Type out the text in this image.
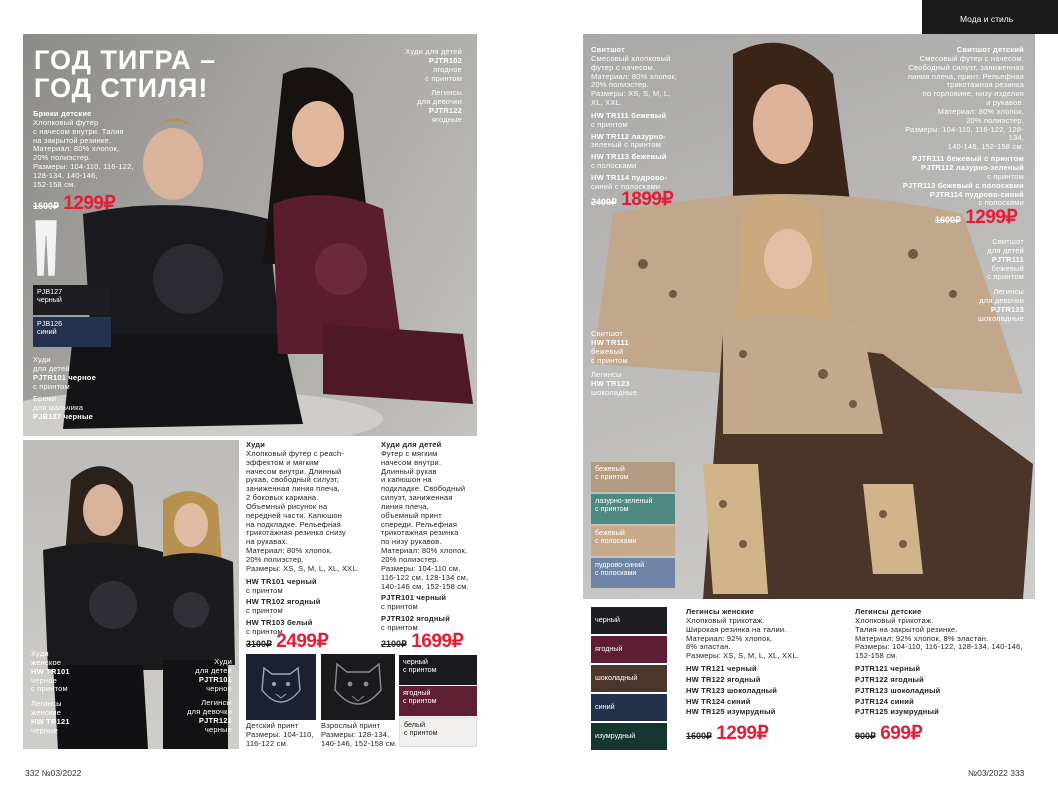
ГОД ТИГРА –
ГОД СТИЛЯ!
Брюки детские
Хлопковый футер
с начесом внутри. Талия
на закрытой резинке.
Материал: 80% хлопок,
20% полиэстер.
Размеры: 104-110, 116-122,
128-134, 140-146,
152-158 см.
1600₽ 1299₽
PJB127
черный
PJB126
синий
Худи для детей
PJTR102
ягодное
с принтом
Легинсы
для девочки
PJTR122
ягодные
Худи
для детей
PJTR101 черное
с принтом
Брюки
для мальчика
PJB127 черные
Худи
женское
HW TR101
черное
с принтом
Легинсы
женские
HW TR121
черные
Худи
для детей
PJTR101
черное
Легинсы
для девочки
PJTR121
черные
Худи
Хлопковый футер с peach-
эффектом и мягким
начесом внутри. Длинный
рукав, свободный силуэт,
заниженная линия плеча,
2 боковых кармана.
Объемный рисунок на
передней части. Капюшон
на подкладке. Рельефная
трикотажная резинка снизу
на рукавах.
Материал: 80% хлопок,
20% полиэстер.
Размеры: XS, S, M, L, XL, XXL.
HW TR101 черный
с принтом
HW TR102 ягодный
с принтом
HW TR103 белый
с принтом
3100₽ 2499₽
Худи для детей
Футер с мягким
начесом внутри.
Длинный рукав
и капюшон на
подкладке. Свободный
силуэт, заниженная
линия плеча,
объемный принт
спереди. Рельефная
трикотажная резинка
по низу рукавов.
Материал: 80% хлопок,
20% полиэстер.
Размеры: 104-110 см,
116-122 см, 128-134 см,
140-146 см, 152-158 см.
PJTR101 черный
с принтом
PJTR102 ягодный
с принтом
2100₽ 1699₽
Детский принт
Размеры: 104-110,
116-122 см.
Взрослый принт
Размеры: 128-134,
140-146, 152-158 см.
черный
с принтом
ягодный
с принтом
белый
с принтом
332 №03/2022
Мода и стиль
Свитшот
Смесовый хлопковый
футер с начесом.
Материал: 80% хлопок,
20% полиэстер.
Размеры: XS, S, M, L,
XL, XXL.
HW TR111 бежевый
с принтом
HW TR112 лазурно-
зеленый с принтом
HW TR113 бежевый
с полосками
HW TR114 пудрово-
синий с полосками
2400₽ 1899₽
Свитшот детский
Смесовый футер с начесом.
Свободный силуэт, заниженная
линия плеча, принт. Рельефная
трикотажная резинка
по горловине, низу изделия
и рукавов.
Материал: 80% хлопок,
20% полиэстер.
Размеры: 104-110, 116-122, 128-134,
140-146, 152-158 см.
PJTR111 бежевый с принтом
PJTR112 лазурно-зеленый
с принтом
PJTR113 бежевый с полосками
PJTR114 пудрово-синий
с полосками
1600₽ 1299₽
Свитшот
для детей
PJTR111
бежевый
с принтом
Легинсы
для девочки
PJTR123
шоколадные
Свитшот
HW TR111
бежевый
с принтом
Легинсы
HW TR123
шоколадные
бежевый
с принтом
лазурно-зеленый
с принтом
бежевый
с полосками
пудрово-синий
с полосками
черный
ягодный
шоколадный
синий
изумрудный
Легинсы женские
Хлопковый трикотаж.
Широкая резинка на талии.
Материал: 92% хлопок,
8% эластан.
Размеры: XS, S, M, L, XL, XXL.
HW TR121 черный
HW TR122 ягодный
HW TR123 шоколадный
HW TR124 синий
HW TR125 изумрудный
1600₽ 1299₽
Легинсы детские
Хлопковый трикотаж.
Талия на закрытой резинке.
Материал: 92% хлопок, 8% эластан.
Размеры: 104-110, 116-122, 128-134, 140-146,
152-158 см.
PJTR121 черный
PJTR122 ягодный
PJTR123 шоколадный
PJTR124 синий
PJTR125 изумрудный
900₽ 699₽
№03/2022 333
